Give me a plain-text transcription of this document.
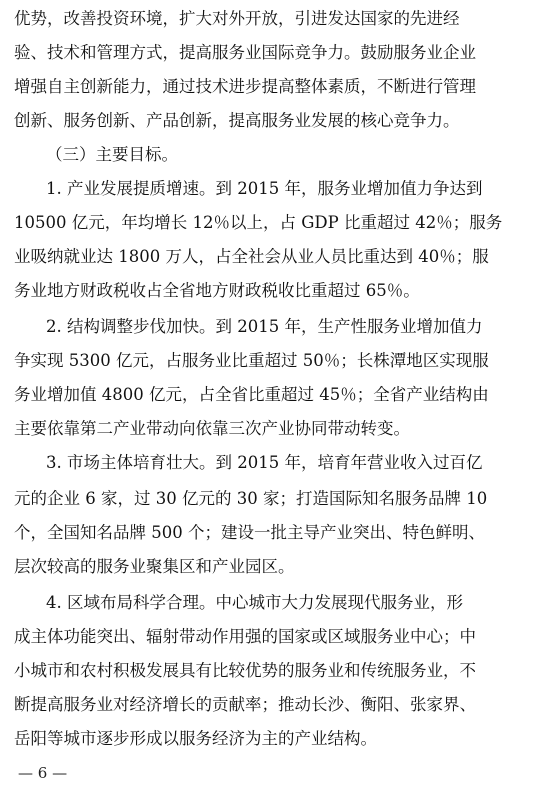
优势，改善投资环境，扩大对外开放，引进发达国家的先进经
验、技术和管理方式，提高服务业国际竞争力。鼓励服务业企业
增强自主创新能力，通过技术进步提高整体素质，不断进行管理
创新、服务创新、产品创新，提高服务业发展的核心竞争力。
（三）主要目标。
1. 产业发展提质增速。到 2015 年，服务业增加值力争达到
10500 亿元，年均增长 12％以上，占 GDP 比重超过 42％；服务
业吸纳就业达 1800 万人，占全社会从业人员比重达到 40％；服
务业地方财政税收占全省地方财政税收比重超过 65％。
2. 结构调整步伐加快。到 2015 年，生产性服务业增加值力
争实现 5300 亿元，占服务业比重超过 50％；长株潭地区实现服
务业增加值 4800 亿元，占全省比重超过 45％；全省产业结构由
主要依靠第二产业带动向依靠三次产业协同带动转变。
3. 市场主体培育壮大。到 2015 年，培育年营业收入过百亿
元的企业 6 家，过 30 亿元的 30 家；打造国际知名服务品牌 10
个，全国知名品牌 500 个；建设一批主导产业突出、特色鲜明、
层次较高的服务业聚集区和产业园区。
4. 区域布局科学合理。中心城市大力发展现代服务业，形
成主体功能突出、辐射带动作用强的国家或区域服务业中心；中
小城市和农村积极发展具有比较优势的服务业和传统服务业，不
断提高服务业对经济增长的贡献率；推动长沙、衡阳、张家界、
岳阳等城市逐步形成以服务经济为主的产业结构。
— 6 —
